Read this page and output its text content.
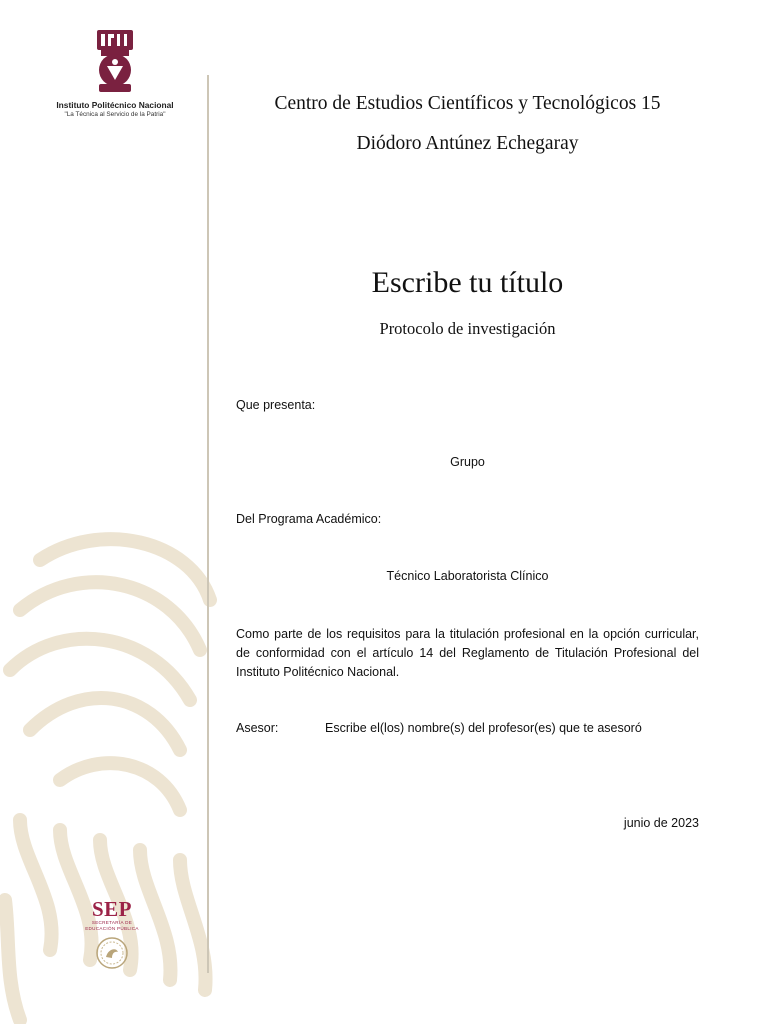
Instituto Politécnico Nacional
"La Técnica al Servicio de la Patria"
SEP
SECRETARÍA DE
EDUCACIÓN PÚBLICA
Centro de Estudios Científicos y Tecnológicos 15
Diódoro Antúnez Echegaray
Escribe tu título
Protocolo de investigación
Que presenta:
Grupo
Del Programa Académico:
Técnico Laboratorista Clínico
Como parte de los requisitos para la titulación profesional en la opción curricular, de conformidad con el artículo 14 del Reglamento de Titulación Profesional del Instituto Politécnico Nacional.
Asesor:	Escribe el(los) nombre(s) del profesor(es) que te asesoró
junio de 2023
